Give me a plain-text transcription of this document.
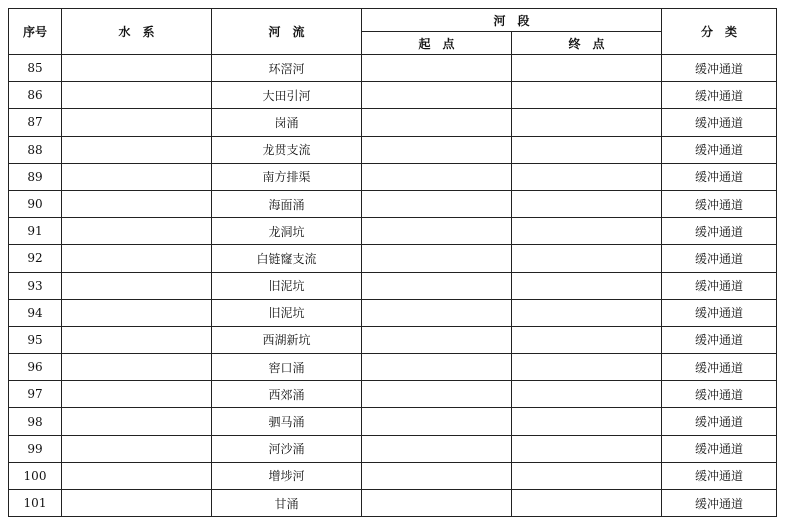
序号	水　系	河　流	河　段		分　类
			起　点	终　点	
85		环滘河			缓冲通道
86		大田引河			缓冲通道
87		岗涌			缓冲通道
88		龙贯支流			缓冲通道
89		南方排渠			缓冲通道
90		海面涌			缓冲通道
91		龙洞坑			缓冲通道
92		白链窿支流			缓冲通道
93		旧泥坑			缓冲通道
94		旧泥坑			缓冲通道
95		西湖新坑			缓冲通道
96		窖口涌			缓冲通道
97		西郊涌			缓冲通道
98		驷马涌			缓冲通道
99		河沙涌			缓冲通道
100		增埗河			缓冲通道
101		甘涌			缓冲通道
